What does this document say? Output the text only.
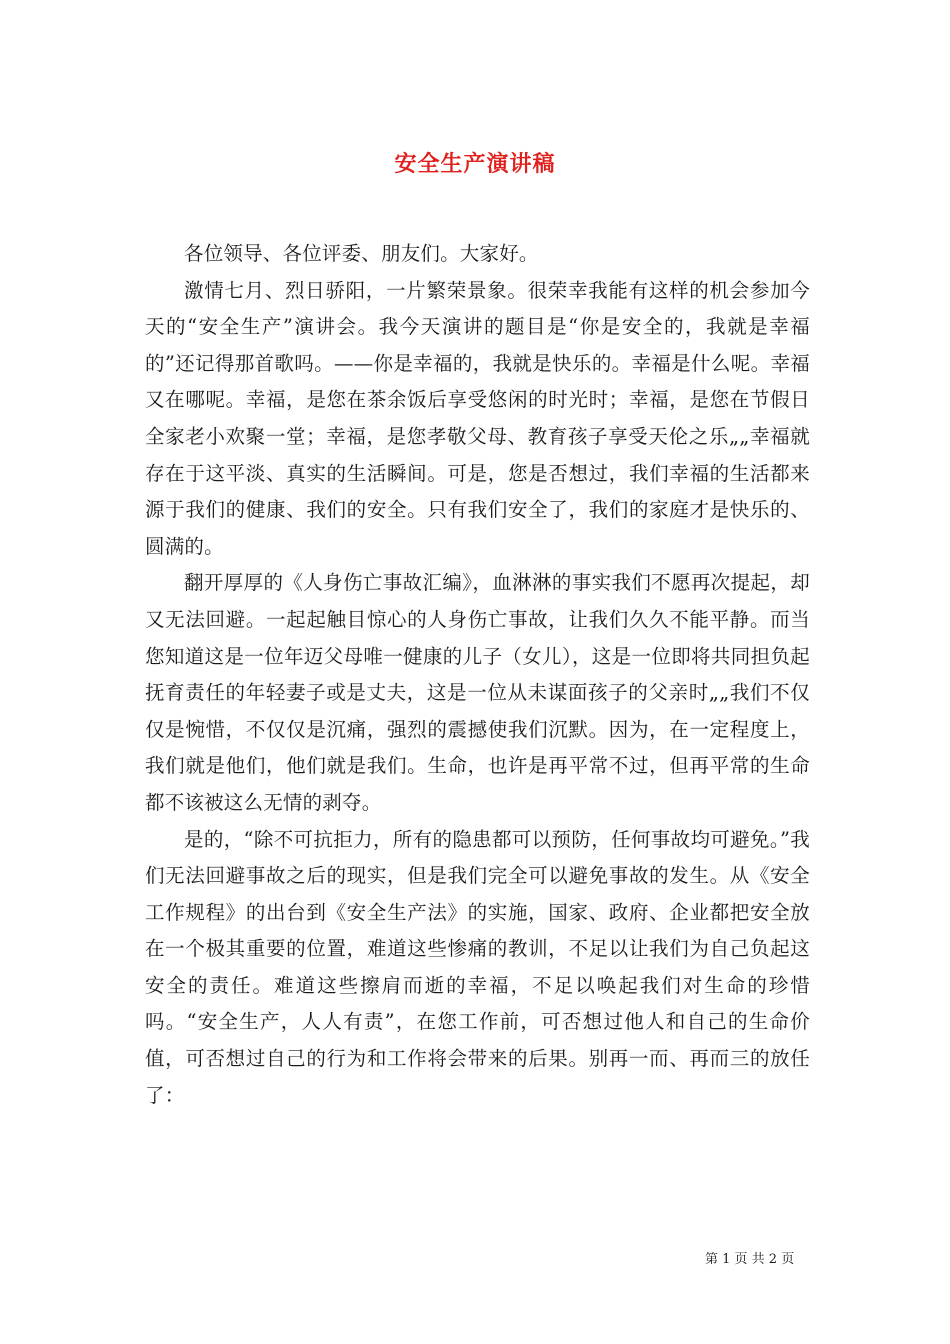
安全生产演讲稿

各位领导、各位评委、朋友们。大家好。

激情七月、烈日骄阳，一片繁荣景象。很荣幸我能有这样的机会参加今天的“安全生产”演讲会。我今天演讲的题目是“你是安全的，我就是幸福的”还记得那首歌吗。——你是幸福的，我就是快乐的。幸福是什么呢。幸福又在哪呢。幸福，是您在茶余饭后享受悠闲的时光时；幸福，是您在节假日全家老小欢聚一堂；幸福，是您孝敬父母、教育孩子享受天伦之乐„„幸福就存在于这平淡、真实的生活瞬间。可是，您是否想过，我们幸福的生活都来源于我们的健康、我们的安全。只有我们安全了，我们的家庭才是快乐的、圆满的。

翻开厚厚的《人身伤亡事故汇编》，血淋淋的事实我们不愿再次提起，却又无法回避。一起起触目惊心的人身伤亡事故，让我们久久不能平静。而当您知道这是一位年迈父母唯一健康的儿子（女儿），这是一位即将共同担负起抚育责任的年轻妻子或是丈夫，这是一位从未谋面孩子的父亲时„„我们不仅仅是惋惜，不仅仅是沉痛，强烈的震撼使我们沉默。因为，在一定程度上，我们就是他们，他们就是我们。生命，也许是再平常不过，但再平常的生命都不该被这么无情的剥夺。

是的，“除不可抗拒力，所有的隐患都可以预防，任何事故均可避免。”我们无法回避事故之后的现实，但是我们完全可以避免事故的发生。从《安全工作规程》的出台到《安全生产法》的实施，国家、政府、企业都把安全放在一个极其重要的位置，难道这些惨痛的教训，不足以让我们为自己负起这安全的责任。难道这些擦肩而逝的幸福，不足以唤起我们对生命的珍惜吗。“安全生产，人人有责”，在您工作前，可否想过他人和自己的生命价值，可否想过自己的行为和工作将会带来的后果。别再一而、再而三的放任了：

第 1 页 共 2 页
